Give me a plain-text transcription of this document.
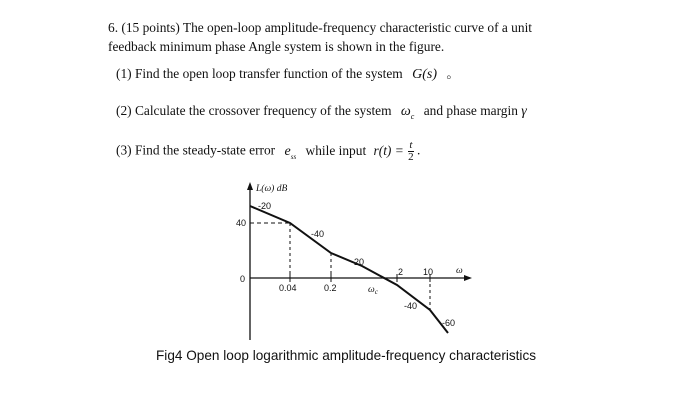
6. (15 points) The open-loop amplitude-frequency characteristic curve of a unit
feedback minimum phase Angle system is shown in the figure.
(1) Find the open loop transfer function of the system G(s) 。
(2) Calculate the crossover frequency of the system $\omega_c$ and phase margin γ
(3) Find the steady-state error $e_{ss}$ while input $r(t) = \frac{t}{2}$ .
L(ω) dB
ω
-20
-40
-20
-40
-60
40
0
0.04	0.2
2 10
$\omega_c$
Fig4 Open loop logarithmic amplitude-frequency characteristics
